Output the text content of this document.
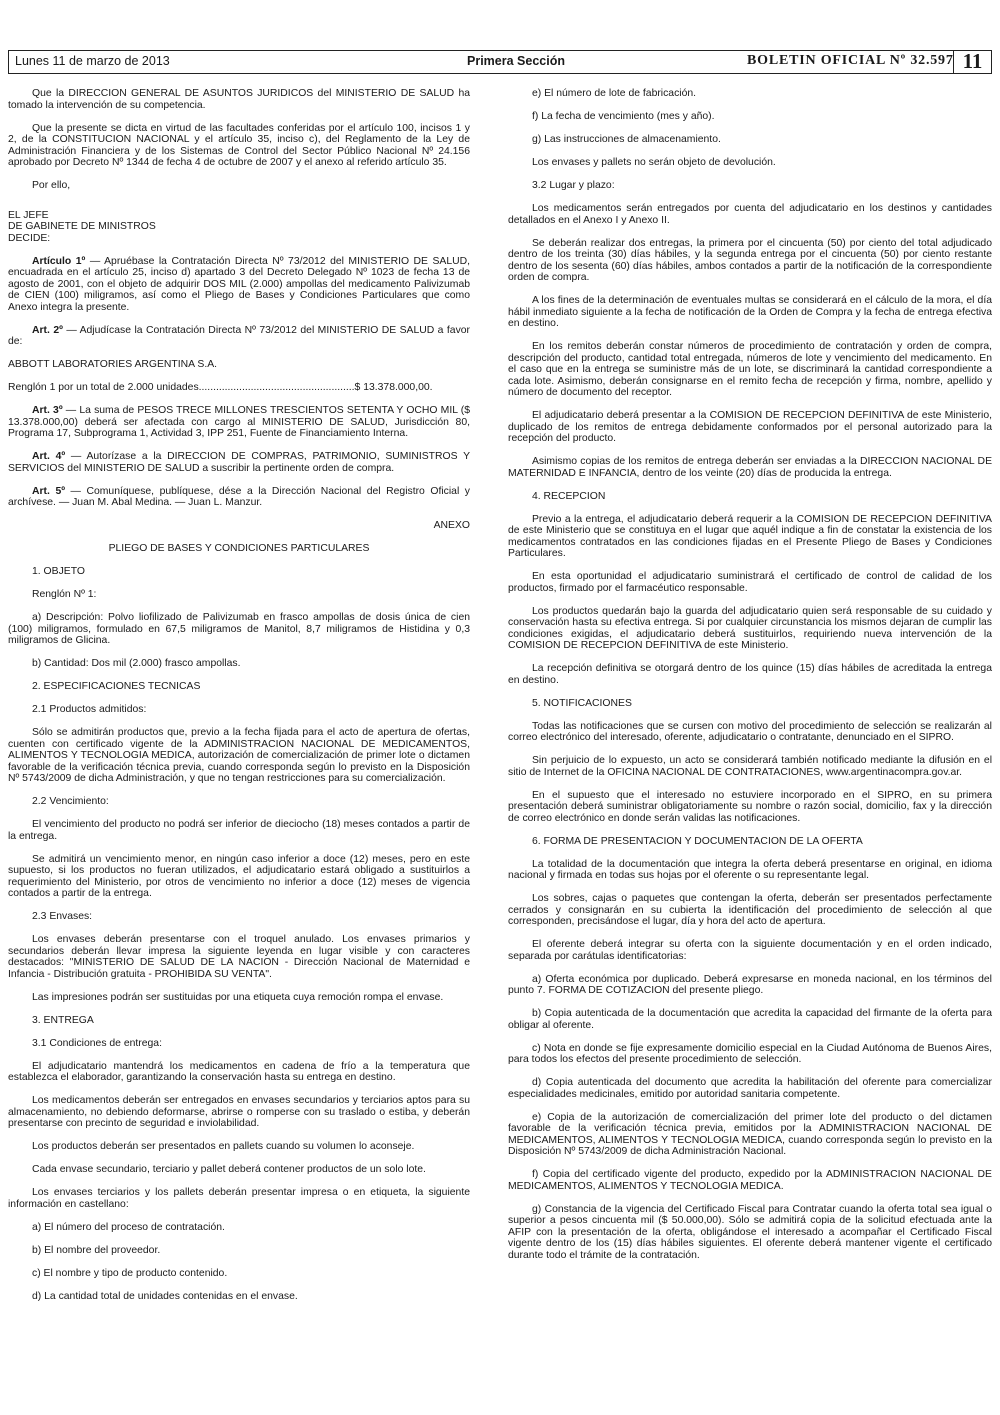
Lunes 11 de marzo de 2013	Primera Sección	BOLETIN OFICIAL Nº 32.597 11

Que la DIRECCION GENERAL DE ASUNTOS JURIDICOS del MINISTERIO DE SALUD ha tomado la intervención de su competencia.

Que la presente se dicta en virtud de las facultades conferidas por el artículo 100, incisos 1 y 2, de la CONSTITUCION NACIONAL y el artículo 35, inciso c), del Reglamento de la Ley de Administración Financiera y de los Sistemas de Control del Sector Público Nacional Nº 24.156 aprobado por Decreto Nº 1344 de fecha 4 de octubre de 2007 y el anexo al referido artículo 35.

Por ello,

EL JEFE

DE GABINETE DE MINISTROS

DECIDE:

Artículo 1º — Apruébase la Contratación Directa Nº 73/2012 del MINISTERIO DE SALUD, encuadrada en el artículo 25, inciso d) apartado 3 del Decreto Delegado Nº 1023 de fecha 13 de agosto de 2001, con el objeto de adquirir DOS MIL (2.000) ampollas del medicamento Palivizumab de CIEN (100) miligramos, así como el Pliego de Bases y Condiciones Particulares que como Anexo integra la presente.

Art. 2º — Adjudícase la Contratación Directa Nº 73/2012 del MINISTERIO DE SALUD a favor de:

ABBOTT LABORATORIES ARGENTINA S.A.

Renglón 1 por un total de 2.000 unidades......................................................$ 13.378.000,00.

Art. 3º — La suma de PESOS TRECE MILLONES TRESCIENTOS SETENTA Y OCHO MIL ($ 13.378.000,00) deberá ser afectada con cargo al MINISTERIO DE SALUD, Jurisdicción 80, Programa 17, Subprograma 1, Actividad 3, IPP 251, Fuente de Financiamiento Interna.

Art. 4º — Autorízase a la DIRECCION DE COMPRAS, PATRIMONIO, SUMINISTROS Y SERVICIOS del MINISTERIO DE SALUD a suscribir la pertinente orden de compra.

Art. 5º — Comuníquese, publíquese, dése a la Dirección Nacional del Registro Oficial y archívese. — Juan M. Abal Medina. — Juan L. Manzur.

ANEXO

PLIEGO DE BASES Y CONDICIONES PARTICULARES

1. OBJETO

Renglón Nº 1:

a) Descripción: Polvo liofilizado de Palivizumab en frasco ampollas de dosis única de cien (100) miligramos, formulado en 67,5 miligramos de Manitol, 8,7 miligramos de Histidina y 0,3 miligramos de Glicina.

b) Cantidad: Dos mil (2.000) frasco ampollas.

2. ESPECIFICACIONES TECNICAS

2.1 Productos admitidos:

Sólo se admitirán productos que, previo a la fecha fijada para el acto de apertura de ofertas, cuenten con certificado vigente de la ADMINISTRACION NACIONAL DE MEDICAMENTOS, ALIMENTOS Y TECNOLOGIA MEDICA, autorización de comercialización de primer lote o dictamen favorable de la verificación técnica previa, cuando corresponda según lo previsto en la Disposición Nº 5743/2009 de dicha Administración, y que no tengan restricciones para su comercialización.

2.2 Vencimiento:

El vencimiento del producto no podrá ser inferior de dieciocho (18) meses contados a partir de la entrega.

Se admitirá un vencimiento menor, en ningún caso inferior a doce (12) meses, pero en este supuesto, si los productos no fueran utilizados, el adjudicatario estará obligado a sustituirlos a requerimiento del Ministerio, por otros de vencimiento no inferior a doce (12) meses de vigencia contados a partir de la entrega.

2.3 Envases:

Los envases deberán presentarse con el troquel anulado. Los envases primarios y secundarios deberán llevar impresa la siguiente leyenda en lugar visible y con caracteres destacados: "MINISTERIO DE SALUD DE LA NACION - Dirección Nacional de Maternidad e Infancia - Distribución gratuita - PROHIBIDA SU VENTA".

Las impresiones podrán ser sustituidas por una etiqueta cuya remoción rompa el envase.

3. ENTREGA

3.1 Condiciones de entrega:

El adjudicatario mantendrá los medicamentos en cadena de frío a la temperatura que establezca el elaborador, garantizando la conservación hasta su entrega en destino.

Los medicamentos deberán ser entregados en envases secundarios y terciarios aptos para su almacenamiento, no debiendo deformarse, abrirse o romperse con su traslado o estiba, y deberán presentarse con precinto de seguridad e inviolabilidad.

Los productos deberán ser presentados en pallets cuando su volumen lo aconseje.

Cada envase secundario, terciario y pallet deberá contener productos de un solo lote.

Los envases terciarios y los pallets deberán presentar impresa o en etiqueta, la siguiente información en castellano:

a) El número del proceso de contratación.

b) El nombre del proveedor.

c) El nombre y tipo de producto contenido.

d) La cantidad total de unidades contenidas en el envase.

e) El número de lote de fabricación.

f) La fecha de vencimiento (mes y año).

g) Las instrucciones de almacenamiento.

Los envases y pallets no serán objeto de devolución.

3.2 Lugar y plazo:

Los medicamentos serán entregados por cuenta del adjudicatario en los destinos y cantidades detallados en el Anexo I y Anexo II.

Se deberán realizar dos entregas, la primera por el cincuenta (50) por ciento del total adjudicado dentro de los treinta (30) días hábiles, y la segunda entrega por el cincuenta (50) por ciento restante dentro de los sesenta (60) días hábiles, ambos contados a partir de la notificación de la correspondiente orden de compra.

A los fines de la determinación de eventuales multas se considerará en el cálculo de la mora, el día hábil inmediato siguiente a la fecha de notificación de la Orden de Compra y la fecha de entrega efectiva en destino.

En los remitos deberán constar números de procedimiento de contratación y orden de compra, descripción del producto, cantidad total entregada, números de lote y vencimiento del medicamento. En el caso que en la entrega se suministre más de un lote, se discriminará la cantidad correspondiente a cada lote. Asimismo, deberán consignarse en el remito fecha de recepción y firma, nombre, apellido y número de documento del receptor.

El adjudicatario deberá presentar a la COMISION DE RECEPCION DEFINITIVA de este Ministerio, duplicado de los remitos de entrega debidamente conformados por el personal autorizado para la recepción del producto.

Asimismo copias de los remitos de entrega deberán ser enviadas a la DIRECCION NACIONAL DE MATERNIDAD E INFANCIA, dentro de los veinte (20) días de producida la entrega.

4. RECEPCION

Previo a la entrega, el adjudicatario deberá requerir a la COMISION DE RECEPCION DEFINITIVA de este Ministerio que se constituya en el lugar que aquél indique a fin de constatar la existencia de los medicamentos contratados en las condiciones fijadas en el Presente Pliego de Bases y Condiciones Particulares.

En esta oportunidad el adjudicatario suministrará el certificado de control de calidad de los productos, firmado por el farmacéutico responsable.

Los productos quedarán bajo la guarda del adjudicatario quien será responsable de su cuidado y conservación hasta su efectiva entrega. Si por cualquier circunstancia los mismos dejaran de cumplir las condiciones exigidas, el adjudicatario deberá sustituirlos, requiriendo nueva intervención de la COMISION DE RECEPCION DEFINITIVA de este Ministerio.

La recepción definitiva se otorgará dentro de los quince (15) días hábiles de acreditada la entrega en destino.

5. NOTIFICACIONES

Todas las notificaciones que se cursen con motivo del procedimiento de selección se realizarán al correo electrónico del interesado, oferente, adjudicatario o contratante, denunciado en el SIPRO.

Sin perjuicio de lo expuesto, un acto se considerará también notificado mediante la difusión en el sitio de Internet de la OFICINA NACIONAL DE CONTRATACIONES, www.argentinacompra.gov.ar.

En el supuesto que el interesado no estuviere incorporado en el SIPRO, en su primera presentación deberá suministrar obligatoriamente su nombre o razón social, domicilio, fax y la dirección de correo electrónico en donde serán validas las notificaciones.

6. FORMA DE PRESENTACION Y DOCUMENTACION DE LA OFERTA

La totalidad de la documentación que integra la oferta deberá presentarse en original, en idioma nacional y firmada en todas sus hojas por el oferente o su representante legal.

Los sobres, cajas o paquetes que contengan la oferta, deberán ser presentados perfectamente cerrados y consignarán en su cubierta la identificación del procedimiento de selección al que corresponden, precisándose el lugar, día y hora del acto de apertura.

El oferente deberá integrar su oferta con la siguiente documentación y en el orden indicado, separada por carátulas identificatorias:

a) Oferta económica por duplicado. Deberá expresarse en moneda nacional, en los términos del punto 7. FORMA DE COTIZACION del presente pliego.

b) Copia autenticada de la documentación que acredita la capacidad del firmante de la oferta para obligar al oferente.

c) Nota en donde se fije expresamente domicilio especial en la Ciudad Autónoma de Buenos Aires, para todos los efectos del presente procedimiento de selección.

d) Copia autenticada del documento que acredita la habilitación del oferente para comercializar especialidades medicinales, emitido por autoridad sanitaria competente.

e) Copia de la autorización de comercialización del primer lote del producto o del dictamen favorable de la verificación técnica previa, emitidos por la ADMINISTRACION NACIONAL DE MEDICAMENTOS, ALIMENTOS Y TECNOLOGIA MEDICA, cuando corresponda según lo previsto en la Disposición Nº 5743/2009 de dicha Administración Nacional.

f) Copia del certificado vigente del producto, expedido por la ADMINISTRACION NACIONAL DE MEDICAMENTOS, ALIMENTOS Y TECNOLOGIA MEDICA.

g) Constancia de la vigencia del Certificado Fiscal para Contratar cuando la oferta total sea igual o superior a pesos cincuenta mil ($ 50.000,00). Sólo se admitirá copia de la solicitud efectuada ante la AFIP con la presentación de la oferta, obligándose el interesado a acompañar el Certificado Fiscal vigente dentro de los (15) días hábiles siguientes. El oferente deberá mantener vigente el certificado durante todo el trámite de la contratación.
